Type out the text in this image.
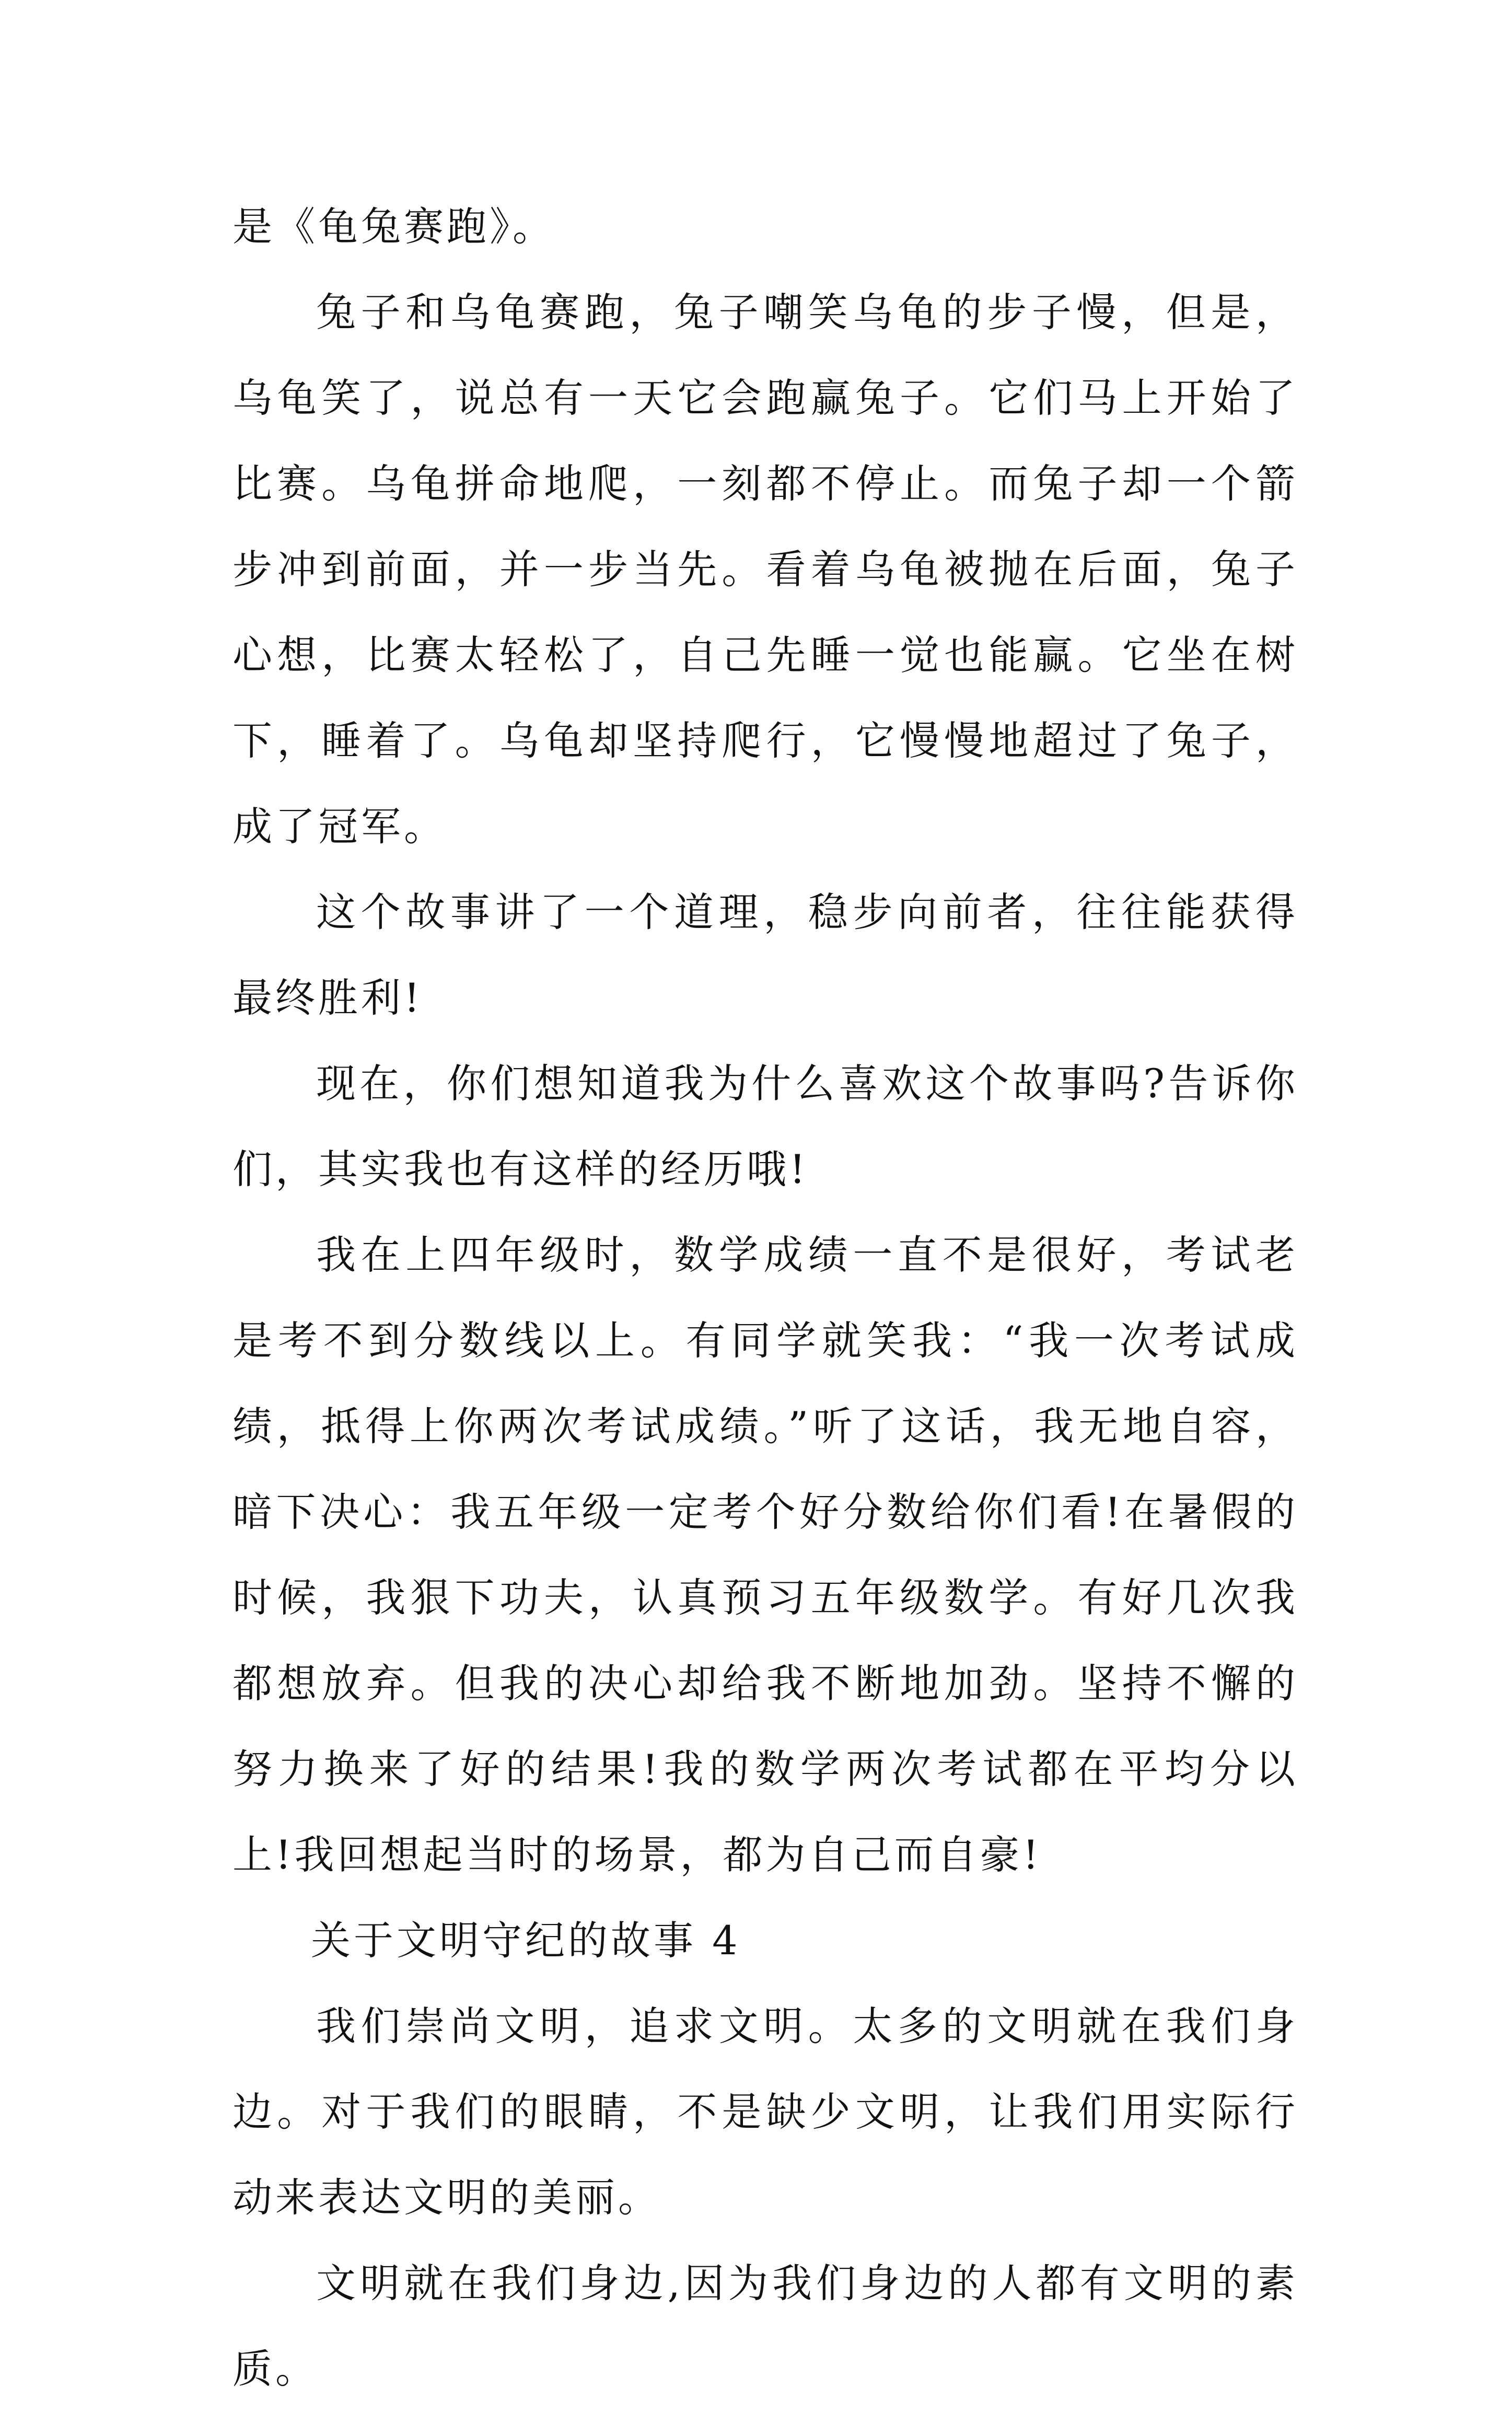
是《龟兔赛跑》。

兔子和乌龟赛跑，兔子嘲笑乌龟的步子慢，但是，乌龟笑了，说总有一天它会跑赢兔子。它们马上开始了比赛。乌龟拼命地爬，一刻都不停止。而兔子却一个箭步冲到前面，并一步当先。看着乌龟被抛在后面，兔子心想，比赛太轻松了，自己先睡一觉也能赢。它坐在树下，睡着了。乌龟却坚持爬行，它慢慢地超过了兔子，成了冠军。

这个故事讲了一个道理，稳步向前者，往往能获得最终胜利!

现在，你们想知道我为什么喜欢这个故事吗?告诉你们，其实我也有这样的经历哦!

我在上四年级时，数学成绩一直不是很好，考试老是考不到分数线以上。有同学就笑我：“我一次考试成绩，抵得上你两次考试成绩。”听了这话，我无地自容，暗下决心：我五年级一定考个好分数给你们看!在暑假的时候，我狠下功夫，认真预习五年级数学。有好几次我都想放弃。但我的决心却给我不断地加劲。坚持不懈的努力换来了好的结果!我的数学两次考试都在平均分以上!我回想起当时的场景，都为自己而自豪!

关于文明守纪的故事 4

我们崇尚文明，追求文明。太多的文明就在我们身边。对于我们的眼睛，不是缺少文明，让我们用实际行动来表达文明的美丽。

文明就在我们身边,因为我们身边的人都有文明的素质。
